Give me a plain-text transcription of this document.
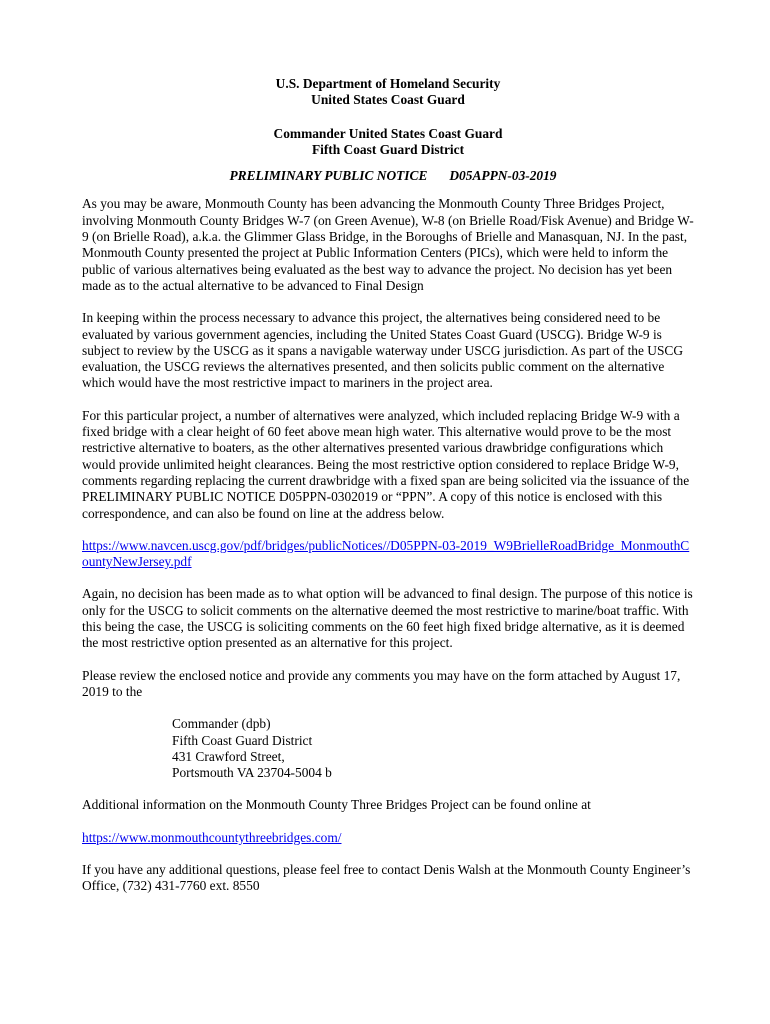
U.S. Department of Homeland Security
United States Coast Guard
Commander United States Coast Guard
Fifth Coast Guard District
PRELIMINARY PUBLIC NOTICE D05APPN-03-2019

As you may be aware, Monmouth County has been advancing the Monmouth County Three Bridges Project, involving Monmouth County Bridges W-7 (on Green Avenue), W-8 (on Brielle Road/Fisk Avenue) and Bridge W-9 (on Brielle Road), a.k.a. the Glimmer Glass Bridge, in the Boroughs of Brielle and Manasquan, NJ. In the past, Monmouth County presented the project at Public Information Centers (PICs), which were held to inform the public of various alternatives being evaluated as the best way to advance the project. No decision has yet been made as to the actual alternative to be advanced to Final Design

In keeping within the process necessary to advance this project, the alternatives being considered need to be evaluated by various government agencies, including the United States Coast Guard (USCG). Bridge W-9 is subject to review by the USCG as it spans a navigable waterway under USCG jurisdiction. As part of the USCG evaluation, the USCG reviews the alternatives presented, and then solicits public comment on the alternative which would have the most restrictive impact to mariners in the project area.

For this particular project, a number of alternatives were analyzed, which included replacing Bridge W-9 with a fixed bridge with a clear height of 60 feet above mean high water. This alternative would prove to be the most restrictive alternative to boaters, as the other alternatives presented various drawbridge configurations which would provide unlimited height clearances. Being the most restrictive option considered to replace Bridge W-9, comments regarding replacing the current drawbridge with a fixed span are being solicited via the issuance of the PRELIMINARY PUBLIC NOTICE D05PPN-0302019 or “PPN”. A copy of this notice is enclosed with this correspondence, and can also be found on line at the address below.

https://www.navcen.uscg.gov/pdf/bridges/publicNotices//D05PPN-03-2019_W9BrielleRoadBridge_MonmouthCountyNewJersey.pdf

Again, no decision has been made as to what option will be advanced to final design. The purpose of this notice is only for the USCG to solicit comments on the alternative deemed the most restrictive to marine/boat traffic. With this being the case, the USCG is soliciting comments on the 60 feet high fixed bridge alternative, as it is deemed the most restrictive option presented as an alternative for this project.

Please review the enclosed notice and provide any comments you may have on the form attached by August 17, 2019 to the

Commander (dpb)
Fifth Coast Guard District
431 Crawford Street,
Portsmouth VA 23704-5004 b

Additional information on the Monmouth County Three Bridges Project can be found online at

https://www.monmouthcountythreebridges.com/

If you have any additional questions, please feel free to contact Denis Walsh at the Monmouth County Engineer’s Office, (732) 431-7760 ext. 8550
